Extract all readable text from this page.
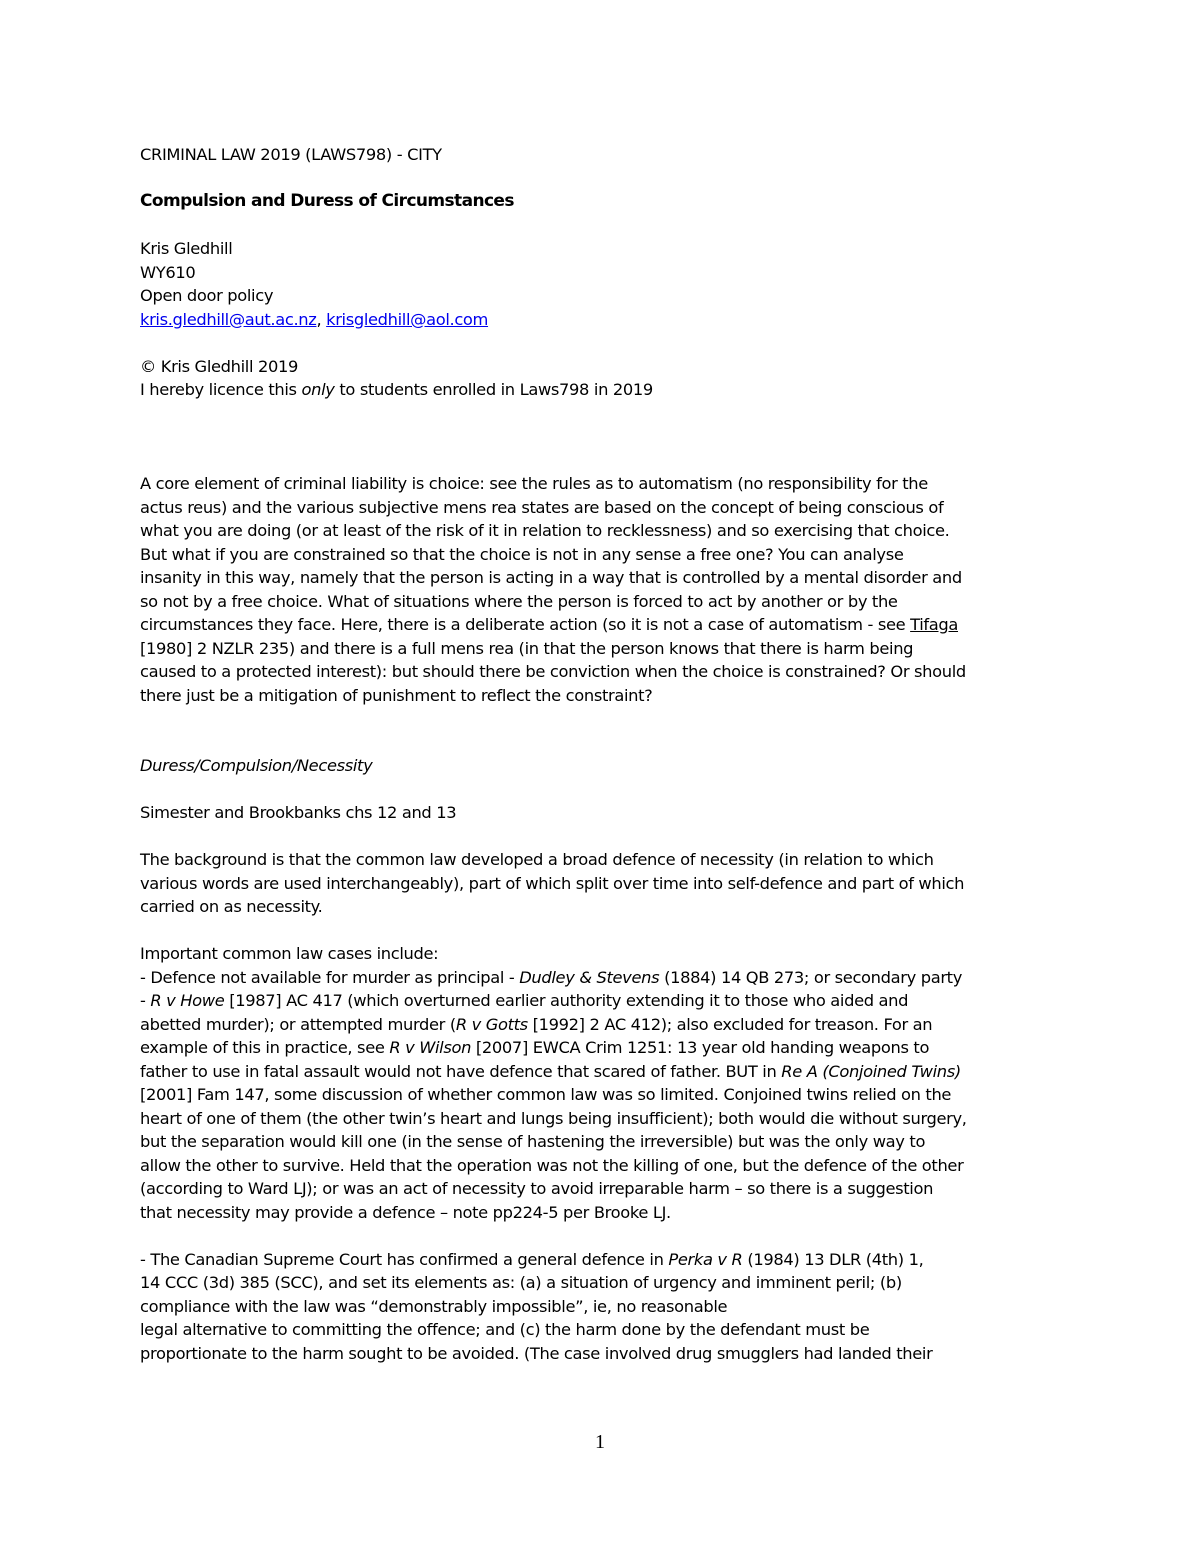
CRIMINAL LAW 2019 (LAWS798) - CITY
Compulsion and Duress of Circumstances
Kris Gledhill
WY610
Open door policy
kris.gledhill@aut.ac.nz, krisgledhill@aol.com
© Kris Gledhill 2019
I hereby licence this only to students enrolled in Laws798 in 2019
A core element of criminal liability is choice: see the rules as to automatism (no responsibility for the
actus reus) and the various subjective mens rea states are based on the concept of being conscious of
what you are doing (or at least of the risk of it in relation to recklessness) and so exercising that choice.
But what if you are constrained so that the choice is not in any sense a free one? You can analyse
insanity in this way, namely that the person is acting in a way that is controlled by a mental disorder and
so not by a free choice. What of situations where the person is forced to act by another or by the
circumstances they face. Here, there is a deliberate action (so it is not a case of automatism - see Tifaga
[1980] 2 NZLR 235) and there is a full mens rea (in that the person knows that there is harm being
caused to a protected interest): but should there be conviction when the choice is constrained? Or should
there just be a mitigation of punishment to reflect the constraint?
Duress/Compulsion/Necessity
Simester and Brookbanks chs 12 and 13
The background is that the common law developed a broad defence of necessity (in relation to which
various words are used interchangeably), part of which split over time into self-defence and part of which
carried on as necessity.
Important common law cases include:
- Defence not available for murder as principal - Dudley & Stevens (1884) 14 QB 273; or secondary party
- R v Howe [1987] AC 417 (which overturned earlier authority extending it to those who aided and
abetted murder); or attempted murder (R v Gotts [1992] 2 AC 412); also excluded for treason. For an
example of this in practice, see R v Wilson [2007] EWCA Crim 1251: 13 year old handing weapons to
father to use in fatal assault would not have defence that scared of father. BUT in Re A (Conjoined Twins)
[2001] Fam 147, some discussion of whether common law was so limited. Conjoined twins relied on the
heart of one of them (the other twin’s heart and lungs being insufficient); both would die without surgery,
but the separation would kill one (in the sense of hastening the irreversible) but was the only way to
allow the other to survive. Held that the operation was not the killing of one, but the defence of the other
(according to Ward LJ); or was an act of necessity to avoid irreparable harm – so there is a suggestion
that necessity may provide a defence – note pp224-5 per Brooke LJ.
- The Canadian Supreme Court has confirmed a general defence in Perka v R (1984) 13 DLR (4th) 1,
14 CCC (3d) 385 (SCC), and set its elements as: (a) a situation of urgency and imminent peril; (b)
compliance with the law was “demonstrably impossible”, ie, no reasonable
legal alternative to committing the offence; and (c) the harm done by the defendant must be
proportionate to the harm sought to be avoided. (The case involved drug smugglers had landed their
1
